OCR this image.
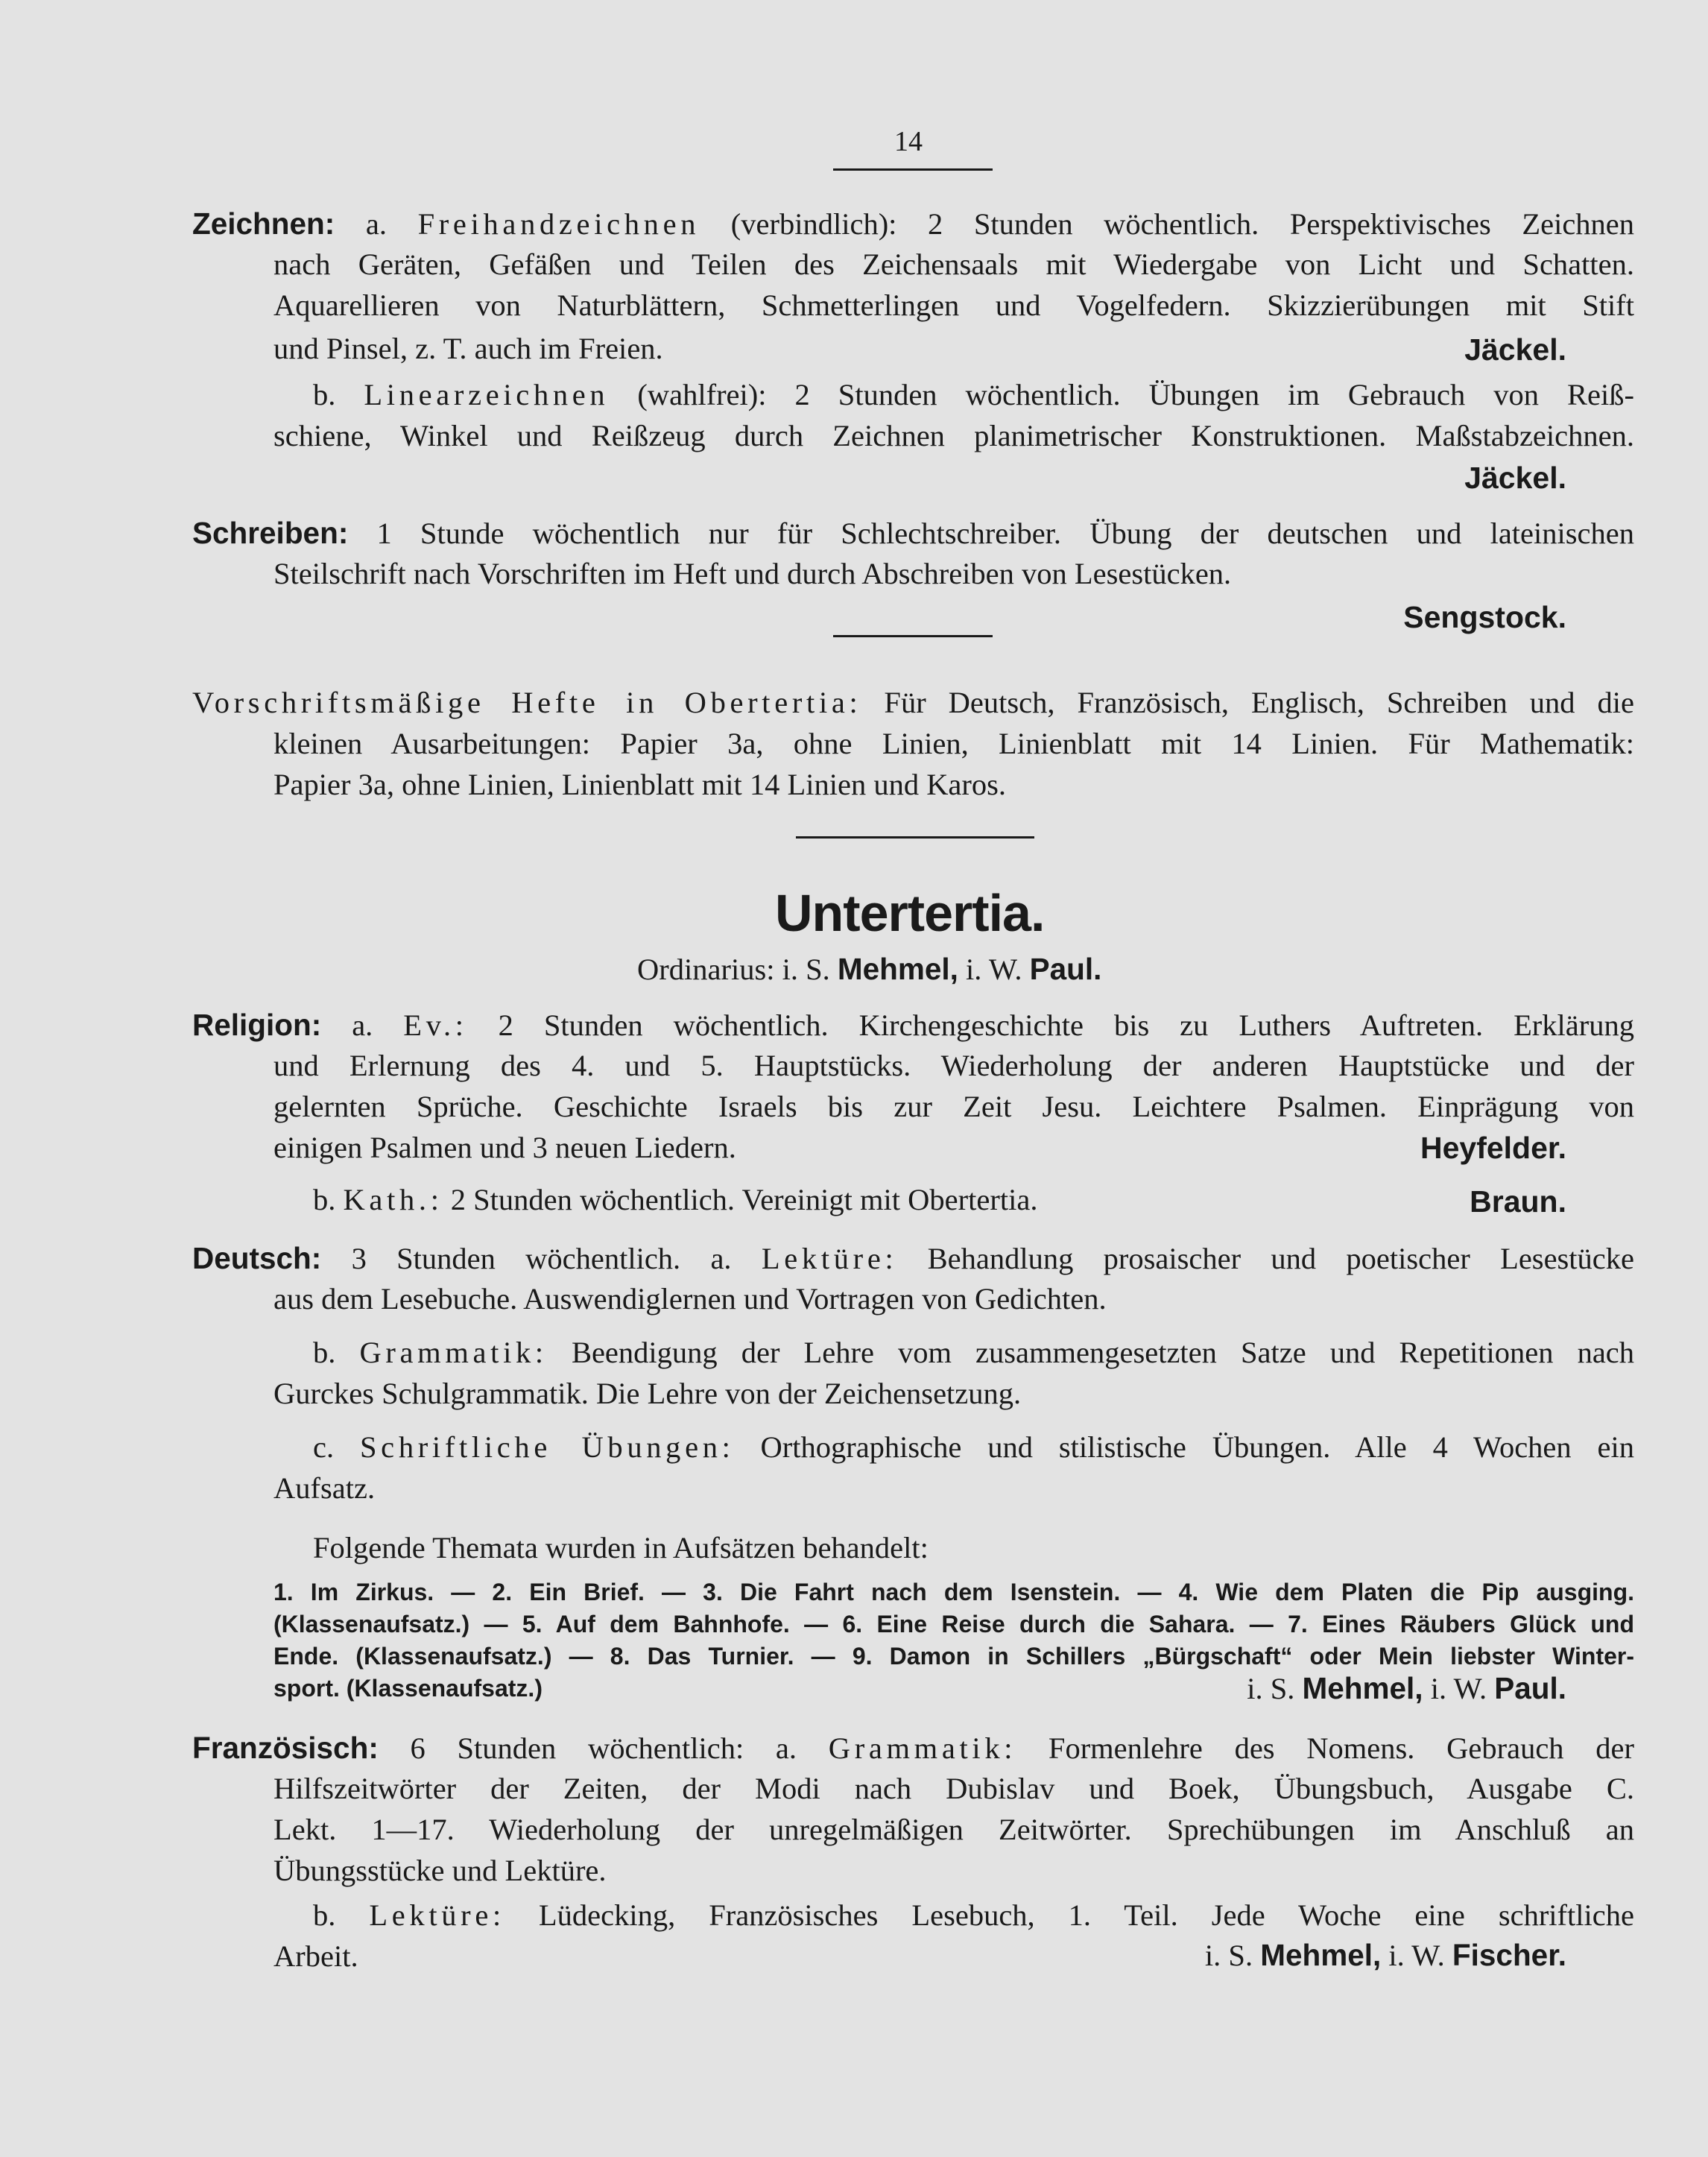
14
Zeichnen: a. Freihandzeichnen (verbindlich): 2 Stunden wöchentlich. Perspektivisches Zeichnen
nach Geräten, Gefäßen und Teilen des Zeichensaals mit Wiedergabe von Licht und Schatten.
Aquarellieren von Naturblättern, Schmetterlingen und Vogelfedern. Skizzierübungen mit Stift
und Pinsel, z. T. auch im Freien.	Jäckel.
b. Linearzeichnen (wahlfrei): 2 Stunden wöchentlich. Übungen im Gebrauch von Reiß-
schiene, Winkel und Reißzeug durch Zeichnen planimetrischer Konstruktionen. Maßstabzeichnen.
Jäckel.
Schreiben: 1 Stunde wöchentlich nur für Schlechtschreiber. Übung der deutschen und lateinischen
Steilschrift nach Vorschriften im Heft und durch Abschreiben von Lesestücken.
Sengstock.
Vorschriftsmäßige Hefte in Obertertia: Für Deutsch, Französisch, Englisch, Schreiben und die
kleinen Ausarbeitungen: Papier 3a, ohne Linien, Linienblatt mit 14 Linien. Für Mathematik:
Papier 3a, ohne Linien, Linienblatt mit 14 Linien und Karos.
Untertertia.
Ordinarius: i. S. Mehmel, i. W. Paul.
Religion: a. Ev.: 2 Stunden wöchentlich. Kirchengeschichte bis zu Luthers Auftreten. Erklärung
und Erlernung des 4. und 5. Hauptstücks. Wiederholung der anderen Hauptstücke und der
gelernten Sprüche. Geschichte Israels bis zur Zeit Jesu. Leichtere Psalmen. Einprägung von
einigen Psalmen und 3 neuen Liedern.	Heyfelder.
b. Kath.: 2 Stunden wöchentlich. Vereinigt mit Obertertia.	Braun.
Deutsch: 3 Stunden wöchentlich. a. Lektüre: Behandlung prosaischer und poetischer Lesestücke
aus dem Lesebuche. Auswendiglernen und Vortragen von Gedichten.
b. Grammatik: Beendigung der Lehre vom zusammengesetzten Satze und Repetitionen nach
Gurckes Schulgrammatik. Die Lehre von der Zeichensetzung.
c. Schriftliche Übungen: Orthographische und stilistische Übungen. Alle 4 Wochen ein
Aufsatz.
Folgende Themata wurden in Aufsätzen behandelt:
1. Im Zirkus. — 2. Ein Brief. — 3. Die Fahrt nach dem Isenstein. — 4. Wie dem Platen die Pip ausging.
(Klassenaufsatz.) — 5. Auf dem Bahnhofe. — 6. Eine Reise durch die Sahara. — 7. Eines Räubers Glück und
Ende. (Klassenaufsatz.) — 8. Das Turnier. — 9. Damon in Schillers „Bürgschaft“ oder Mein liebster Winter-
sport. (Klassenaufsatz.)	i. S. Mehmel, i. W. Paul.
Französisch: 6 Stunden wöchentlich: a. Grammatik: Formenlehre des Nomens. Gebrauch der
Hilfszeitwörter der Zeiten, der Modi nach Dubislav und Boek, Übungsbuch, Ausgabe C.
Lekt. 1—17. Wiederholung der unregelmäßigen Zeitwörter. Sprechübungen im Anschluß an
Übungsstücke und Lektüre.
b. Lektüre: Lüdecking, Französisches Lesebuch, 1. Teil. Jede Woche eine schriftliche
Arbeit.	i. S. Mehmel, i. W. Fischer.
